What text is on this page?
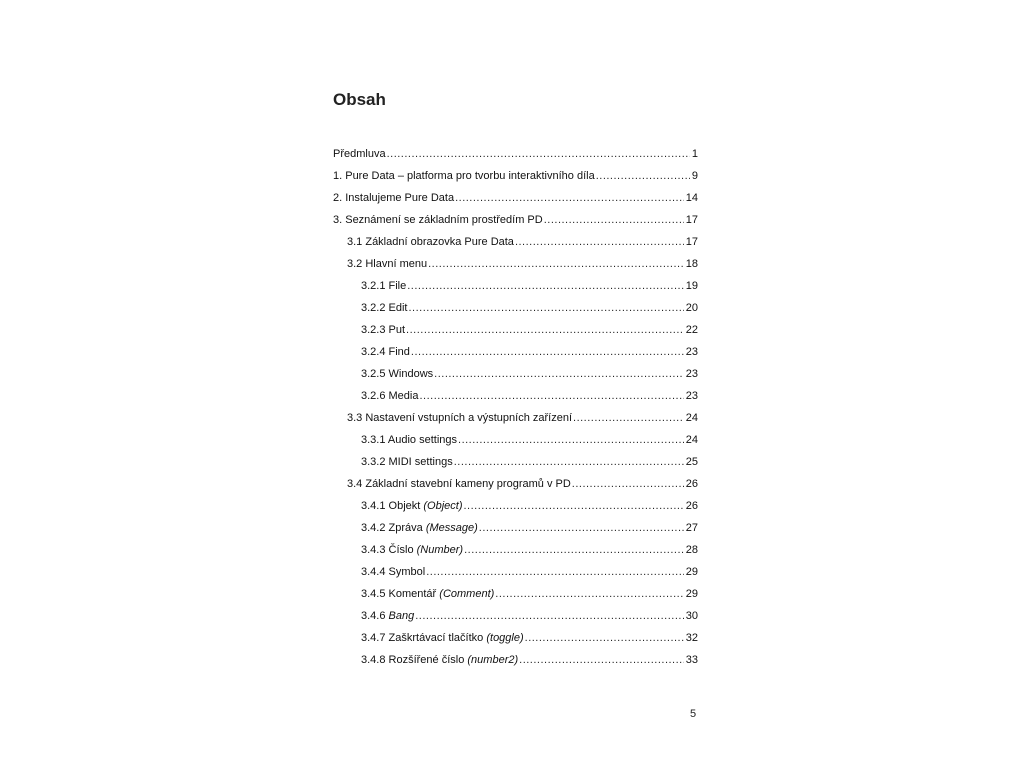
Obsah
Předmluva .....	1
1. Pure Data – platforma pro tvorbu interaktivního díla .....	9
2. Instalujeme Pure Data .....	14
3. Seznámení se základním prostředím PD .....	17
3.1 Základní obrazovka Pure Data .....	17
3.2 Hlavní menu .....	18
3.2.1 File .....	19
3.2.2 Edit .....	20
3.2.3 Put .....	22
3.2.4 Find .....	23
3.2.5 Windows .....	23
3.2.6 Media .....	23
3.3 Nastavení vstupních a výstupních zařízení .....	24
3.3.1 Audio settings .....	24
3.3.2 MIDI settings .....	25
3.4 Základní stavební kameny programů v PD .....	26
3.4.1 Objekt (Object) .....	26
3.4.2 Zpráva (Message) .....	27
3.4.3 Číslo (Number) .....	28
3.4.4 Symbol .....	29
3.4.5 Komentář (Comment) .....	29
3.4.6 Bang .....	30
3.4.7 Zaškrtávací tlačítko (toggle) .....	32
3.4.8 Rozšířené číslo (number2) .....	33
5
